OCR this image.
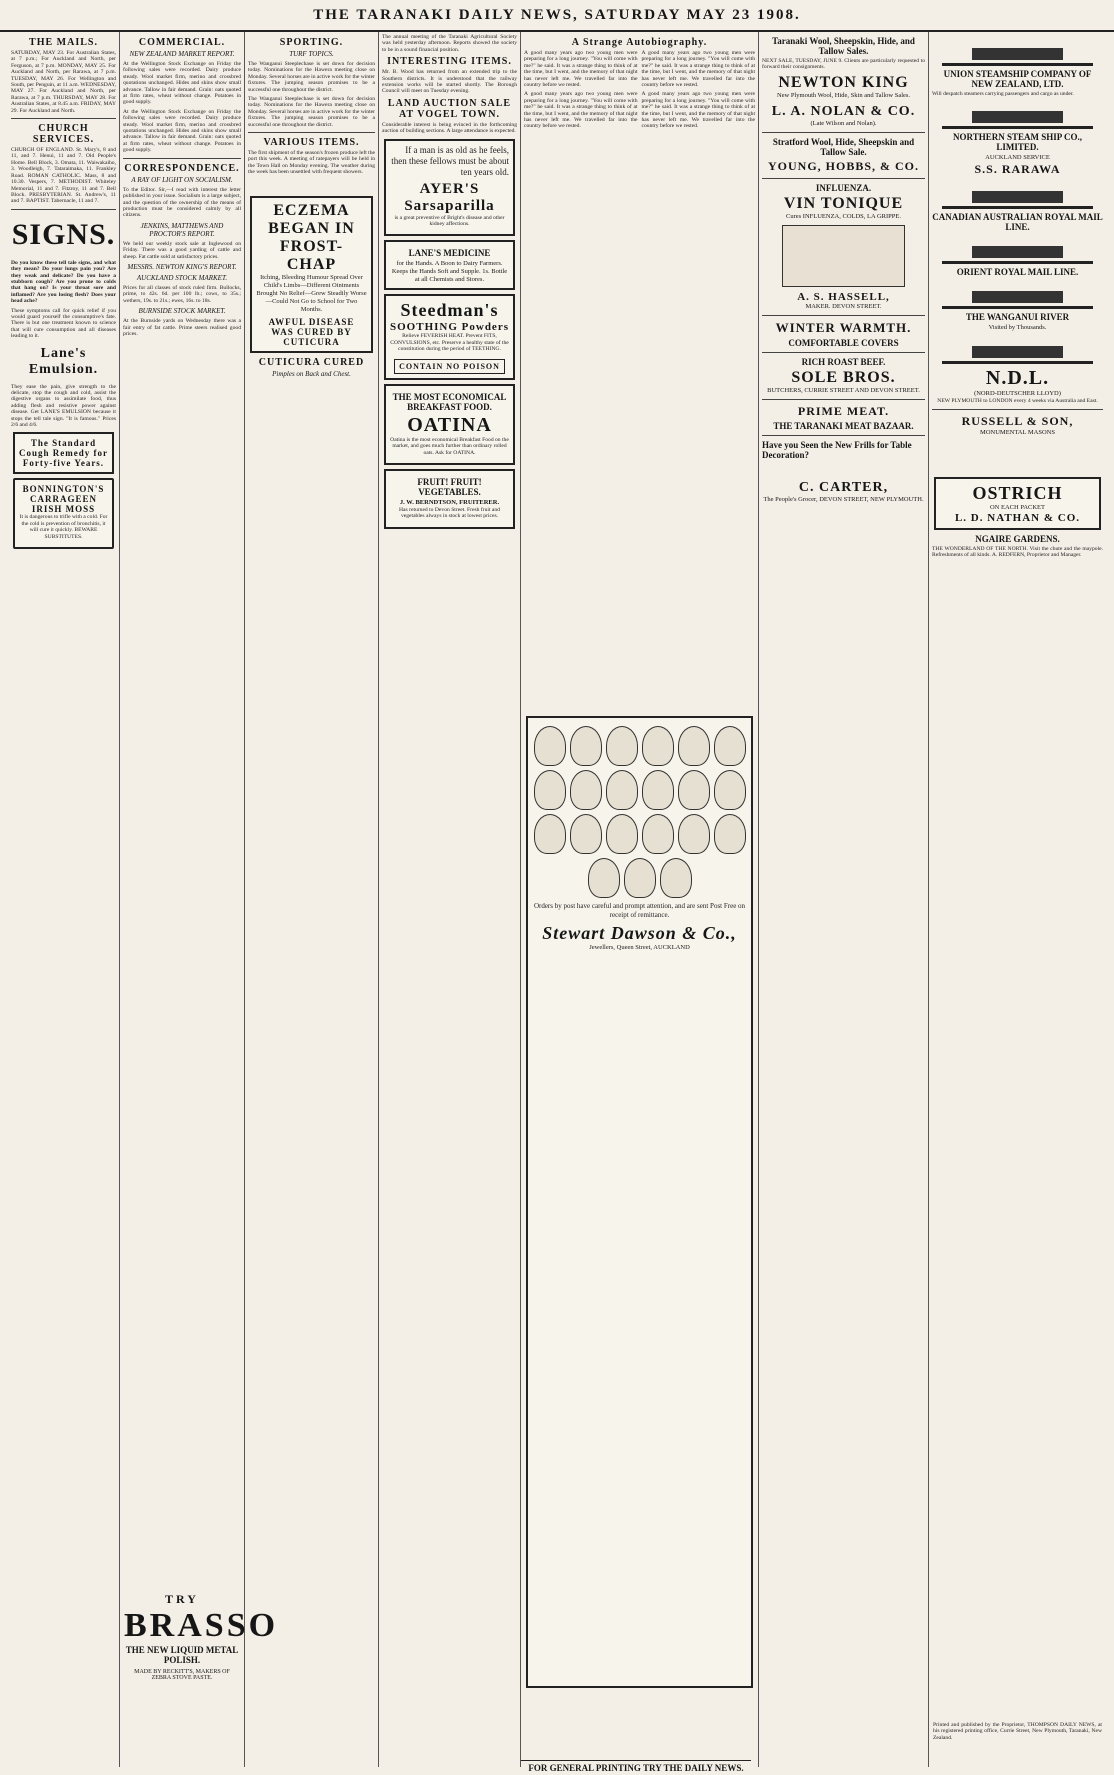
THE TARANAKI DAILY NEWS, SATURDAY MAY 23 1908.
THE MAILS.

SATURDAY, MAY 23. For Australian States, at 7 p.m.; For Auckland and North, per Ferguson, at 7 p.m. MONDAY, MAY 25. For Auckland and North, per Rarawa, at 7 p.m. TUESDAY, MAY 26. For Wellington and South, per Penguin, at 11 a.m. WEDNESDAY, MAY 27. For Auckland and North, per Rarawa, at 7 p.m. THURSDAY, MAY 28. For Australian States, at 8.45 a.m. FRIDAY, MAY 29. For Auckland and North.

CHURCH SERVICES.

CHURCH OF ENGLAND. St. Mary's, 8 and 11, and 7. Henui, 11 and 7. Old People's Home. Bell Block, 3. Omata, 11. Waiwakaiho, 3. Woodleigh, 7. Tataraimaka, 11. Frankley Road. ROMAN CATHOLIC. Mass, 8 and 10.30. Vespers, 7. METHODIST. Whiteley Memorial, 11 and 7. Fitzroy, 11 and 7. Bell Block. PRESBYTERIAN. St. Andrew's, 11 and 7. BAPTIST. Tabernacle, 11 and 7.

SIGNS.

Do you know these tell tale signs, and what they mean? Do your lungs pain you? Are they weak and delicate? Do you have a stubborn cough? Are you prone to colds that hang on? Is your throat sore and inflamed? Are you losing flesh? Does your head ache?

These symptoms call for quick relief if you would guard yourself the consumptive's fate. There is but one treatment known to science that will cure consumption and all diseases leading to it.

Lane's Emulsion.

They ease the pain, give strength to the delicate, stop the cough and cold, assist the digestive organs to assimilate food, thus adding flesh and resistive power against disease. Get LANE'S EMULSION because it stops the tell tale sign. "It is famous." Prices 2/6 and 4/6.

The Standard Cough Remedy for Forty-five Years.
BONNINGTON'S CARRAGEEN IRISH MOSS

It is dangerous to trifle with a cold. For the cold is prevention of bronchitis, it will cure it quickly. BEWARE SUBSTITUTES.

COMMERCIAL.
NEW ZEALAND MARKET REPORT.

At the Wellington Stock Exchange on Friday the following sales were recorded. Dairy produce steady. Wool market firm, merino and crossbred quotations unchanged. Hides and skins show small advance. Tallow in fair demand. Grain: oats quoted at firm rates, wheat without change. Potatoes in good supply.

At the Wellington Stock Exchange on Friday the following sales were recorded. Dairy produce steady. Wool market firm, merino and crossbred quotations unchanged. Hides and skins show small advance. Tallow in fair demand. Grain: oats quoted at firm rates, wheat without change. Potatoes in good supply.

CORRESPONDENCE.
A RAY OF LIGHT ON SOCIALISM.

To the Editor. Sir,—I read with interest the letter published in your issue. Socialism is a large subject, and the question of the ownership of the means of production must be considered calmly by all citizens.

JENKINS, MATTHEWS AND PROCTOR'S REPORT.

We held our weekly stock sale at Inglewood on Friday. There was a good yarding of cattle and sheep. Fat cattle sold at satisfactory prices.

MESSRS. NEWTON KING'S REPORT.
AUCKLAND STOCK MARKET.

Prices for all classes of stock ruled firm. Bullocks, prime, to 42s. 6d. per 100 lb.; cows, to 35s.; wethers, 19s. to 21s.; ewes, 16s. to 18s.

BURNSIDE STOCK MARKET.

At the Burnside yards on Wednesday there was a fair entry of fat cattle. Prime steers realised good prices.

TRY
BRASSO
THE NEW LIQUID METAL POLISH.
MADE BY RECKITT'S, MAKERS OF ZEBRA STOVE PASTE.
SPORTING.
TURF TOPICS.

The Wanganui Steeplechase is set down for decision today. Nominations for the Hawera meeting close on Monday. Several horses are in active work for the winter fixtures. The jumping season promises to be a successful one throughout the district.

The Wanganui Steeplechase is set down for decision today. Nominations for the Hawera meeting close on Monday. Several horses are in active work for the winter fixtures. The jumping season promises to be a successful one throughout the district.

VARIOUS ITEMS.

The first shipment of the season's frozen produce left the port this week. A meeting of ratepayers will be held in the Town Hall on Monday evening. The weather during the week has been unsettled with frequent showers.

ECZEMA BEGAN IN FROST-CHAP

Itching, Bleeding Humour Spread Over Child's Limbs—Different Ointments Brought No Relief—Grew Steadily Worse—Could Not Go to School for Two Months.

AWFUL DISEASE WAS CURED BY CUTICURA
CUTICURA CURED
Pimples on Back and Chest.

The annual meeting of the Taranaki Agricultural Society was held yesterday afternoon. Reports showed the society to be in a sound financial position.

INTERESTING ITEMS.

Mr. B. Wood has returned from an extended trip to the Southern districts. It is understood that the railway extension works will be started shortly. The Borough Council will meet on Tuesday evening.

LAND AUCTION SALE AT VOGEL TOWN.

Considerable interest is being evinced in the forthcoming auction of building sections. A large attendance is expected.

If a man is as old as he feels, then these fellows must be about ten years old.

AYER'S Sarsaparilla

is a great preventive of Bright's disease and other kidney affections.

LANE'S MEDICINE
for the Hands. A Boon to Dairy Farmers. Keeps the Hands Soft and Supple. 1s. Bottle at all Chemists and Stores.
Steedman's
SOOTHING Powders

Relieve FEVERISH HEAT. Prevent FITS, CONVULSIONS, etc. Preserve a healthy state of the constitution during the period of TEETHING.

CONTAIN NO POISON
THE MOST ECONOMICAL BREAKFAST FOOD.
OATINA

Oatina is the most economical Breakfast Food on the market, and goes much further than ordinary rolled oats. Ask for OATINA.

FRUIT! FRUIT! VEGETABLES.
J. W. BERNDTSON, FRUITERER.

Has returned to Devon Street. Fresh fruit and vegetables always in stock at lowest prices.

A Strange Autobiography.

A good many years ago two young men were preparing for a long journey. "You will come with me?" he said. It was a strange thing to think of at the time, but I went, and the memory of that night has never left me. We travelled far into the country before we rested.

A good many years ago two young men were preparing for a long journey. "You will come with me?" he said. It was a strange thing to think of at the time, but I went, and the memory of that night has never left me. We travelled far into the country before we rested.

A good many years ago two young men were preparing for a long journey. "You will come with me?" he said. It was a strange thing to think of at the time, but I went, and the memory of that night has never left me. We travelled far into the country before we rested.

A good many years ago two young men were preparing for a long journey. "You will come with me?" he said. It was a strange thing to think of at the time, but I went, and the memory of that night has never left me. We travelled far into the country before we rested.

Orders by post have careful and prompt attention, and are sent Post Free on receipt of remittance.

Stewart Dawson & Co.,
Jewellers, Queen Street, AUCKLAND
Taranaki Wool, Sheepskin, Hide, and Tallow Sales.

NEXT SALE, TUESDAY, JUNE 9. Clients are particularly requested to forward their consignments.

NEWTON KING
New Plymouth Wool, Hide, Skin and Tallow Sales.
L. A. NOLAN & CO.
(Late Wilson and Nolan).
Stratford Wool, Hide, Sheepskin and Tallow Sale.
YOUNG, HOBBS, & CO.
INFLUENZA.
VIN TONIQUE
Cures INFLUENZA, COLDS, LA GRIPPE.
A. S. HASSELL,
MAKER. DEVON STREET.
WINTER WARMTH.
COMFORTABLE COVERS
RICH ROAST BEEF.
SOLE BROS.
BUTCHERS, CURRIE STREET AND DEVON STREET.
PRIME MEAT.
THE TARANAKI MEAT BAZAAR.
Have you Seen the New Frills for Table Decoration?
C. CARTER,
The People's Grocer, DEVON STREET, NEW PLYMOUTH.
UNION STEAMSHIP COMPANY OF NEW ZEALAND, LTD.

Will despatch steamers carrying passengers and cargo as under.

NORTHERN STEAM SHIP CO., LIMITED.
AUCKLAND SERVICE
S.S. RARAWA
CANADIAN AUSTRALIAN ROYAL MAIL LINE.
ORIENT ROYAL MAIL LINE.
THE WANGANUI RIVER
Visited by Thousands.
N.D.L.
(NORD-DEUTSCHER LLOYD)

NEW PLYMOUTH to LONDON every 4 weeks via Australia and East.

RUSSELL & SON,
MONUMENTAL MASONS
OSTRICH
ON EACH PACKET
L. D. NATHAN & CO.
NGAIRE GARDENS.

THE WONDERLAND OF THE NORTH. Visit the chute and the maypole. Refreshments of all kinds. A. REDFERN, Proprietor and Manager.

Printed and published by the Proprietor, THOMPSON DAILY NEWS, at his registered printing office, Currie Street, New Plymouth, Taranaki, New Zealand.

FOR GENERAL PRINTING TRY THE DAILY NEWS.
